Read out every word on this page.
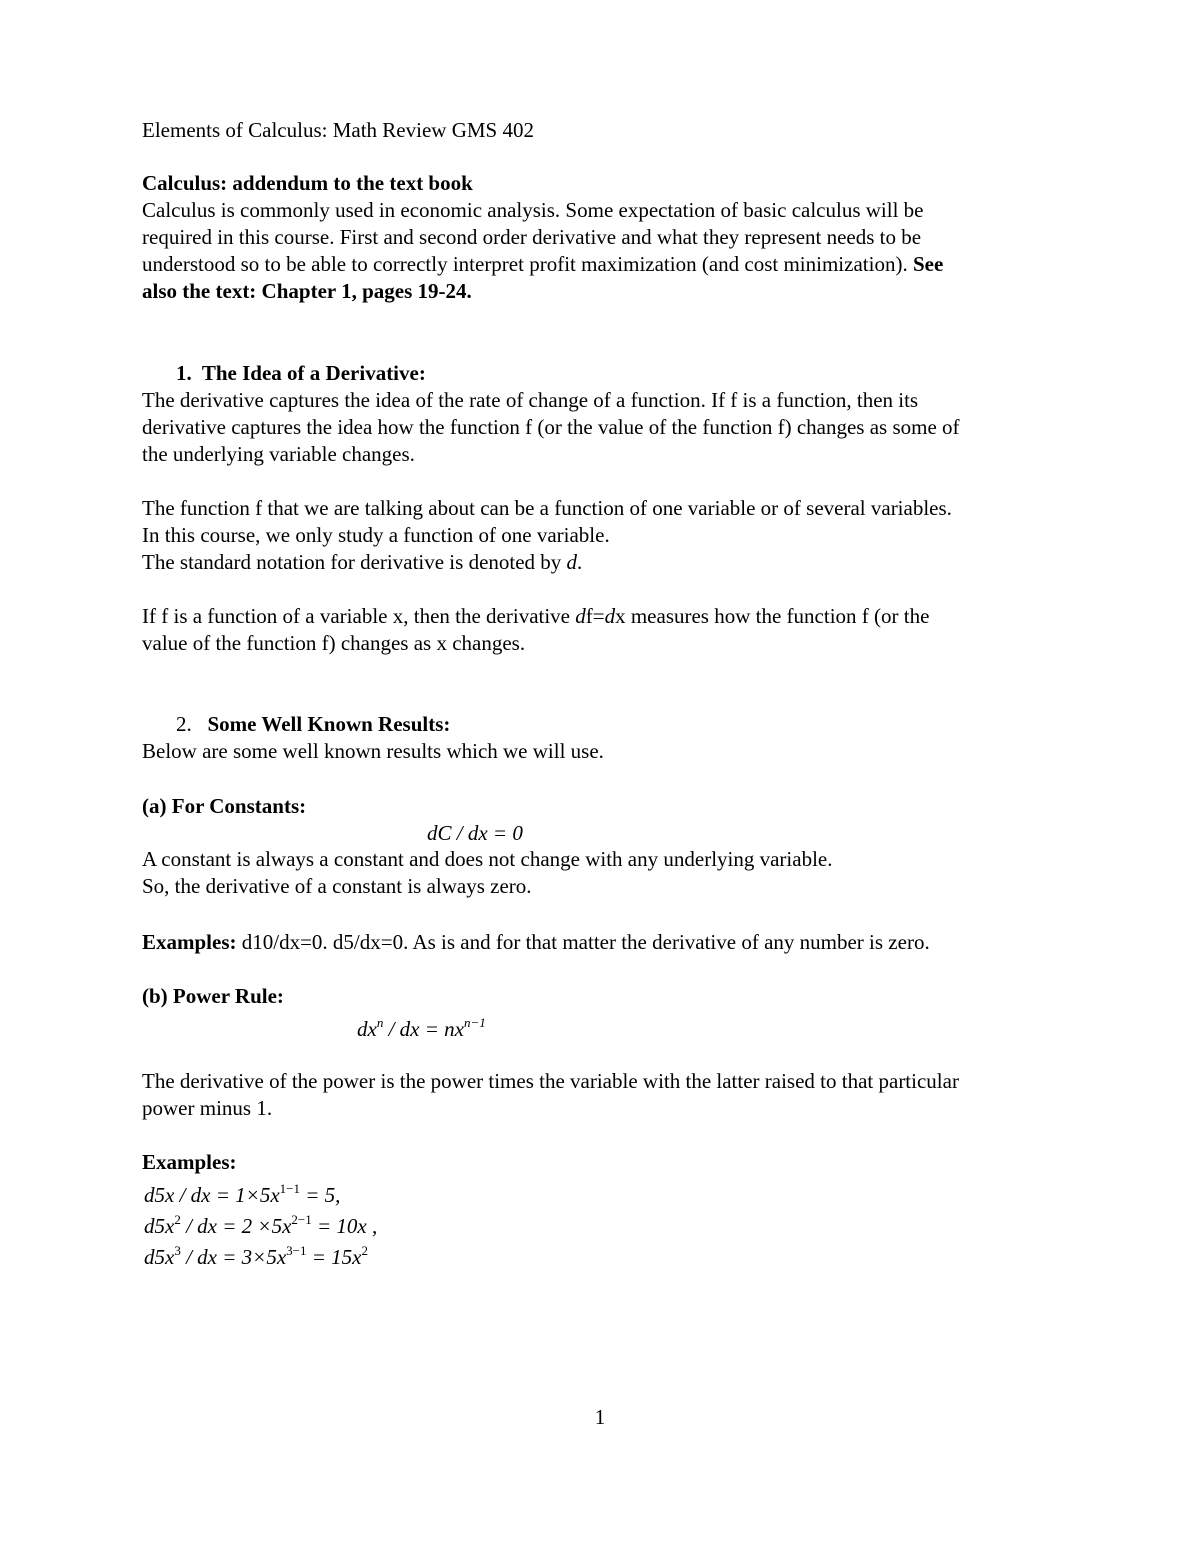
Elements of Calculus: Math Review GMS 402
Calculus: addendum to the text book
Calculus is commonly used in economic analysis. Some expectation of basic calculus will be
required in this course. First and second order derivative and what they represent needs to be
understood so to be able to correctly interpret profit maximization (and cost minimization). See
also the text: Chapter 1, pages 19-24.
1. The Idea of a Derivative:
The derivative captures the idea of the rate of change of a function. If f is a function, then its
derivative captures the idea how the function f (or the value of the function f) changes as some of
the underlying variable changes.
The function f that we are talking about can be a function of one variable or of several variables.
In this course, we only study a function of one variable.
The standard notation for derivative is denoted by d.
If f is a function of a variable x, then the derivative df=dx measures how the function f (or the
value of the function f) changes as x changes.
2. Some Well Known Results:
Below are some well known results which we will use.
(a) For Constants:
dC / dx = 0
A constant is always a constant and does not change with any underlying variable.
So, the derivative of a constant is always zero.
Examples: d10/dx=0. d5/dx=0. As is and for that matter the derivative of any number is zero.
(b) Power Rule:
$dx^n$ / dx = $nx^{n-1}$
The derivative of the power is the power times the variable with the latter raised to that particular
power minus 1.
Examples:
d5x / dx = $1\times 5x^{1-1} = 5$,
$d5x^2$ / dx = $2 \times 5x^{2-1} = 10x$ ,
$d5x^3$ / dx = $3\times 5x^{3-1} = 15x^2$
1
